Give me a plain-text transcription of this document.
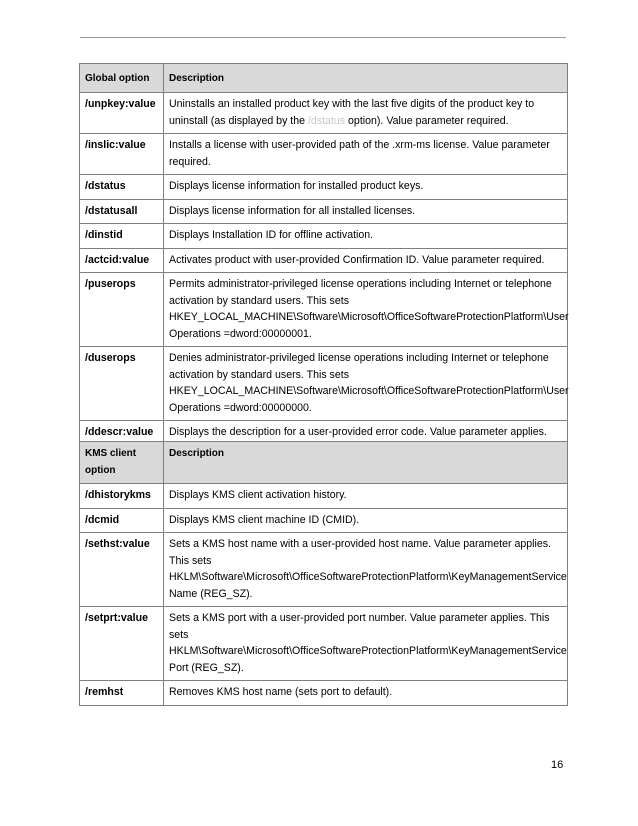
Global option	Description
/unpkey:value	Uninstalls an installed product key with the last five digits of the product key to uninstall (as displayed by the /dstatus option). Value parameter required.
/inslic:value	Installs a license with user-provided path of the .xrm-ms license. Value parameter required.
/dstatus	Displays license information for installed product keys.
/dstatusall	Displays license information for all installed licenses.
/dinstid	Displays Installation ID for offline activation.
/actcid:value	Activates product with user-provided Confirmation ID. Value parameter required.
/puserops	Permits administrator-privileged license operations including Internet or telephone activation by standard users. This sets HKEY_LOCAL_MACHINE\Software\Microsoft\OfficeSoftwareProtectionPlatform\User Operations =dword:00000001.
/duserops	Denies administrator-privileged license operations including Internet or telephone activation by standard users. This sets HKEY_LOCAL_MACHINE\Software\Microsoft\OfficeSoftwareProtectionPlatform\User Operations =dword:00000000.
/ddescr:value	Displays the description for a user-provided error code. Value parameter applies.
KMS client option	Description
/dhistorykms	Displays KMS client activation history.
/dcmid	Displays KMS client machine ID (CMID).
/sethst:value	Sets a KMS host name with a user-provided host name. Value parameter applies. This sets HKLM\Software\Microsoft\OfficeSoftwareProtectionPlatform\KeyManagementService Name (REG_SZ).
/setprt:value	Sets a KMS port with a user-provided port number. Value parameter applies. This sets HKLM\Software\Microsoft\OfficeSoftwareProtectionPlatform\KeyManagementService Port (REG_SZ).
/remhst	Removes KMS host name (sets port to default).
16
